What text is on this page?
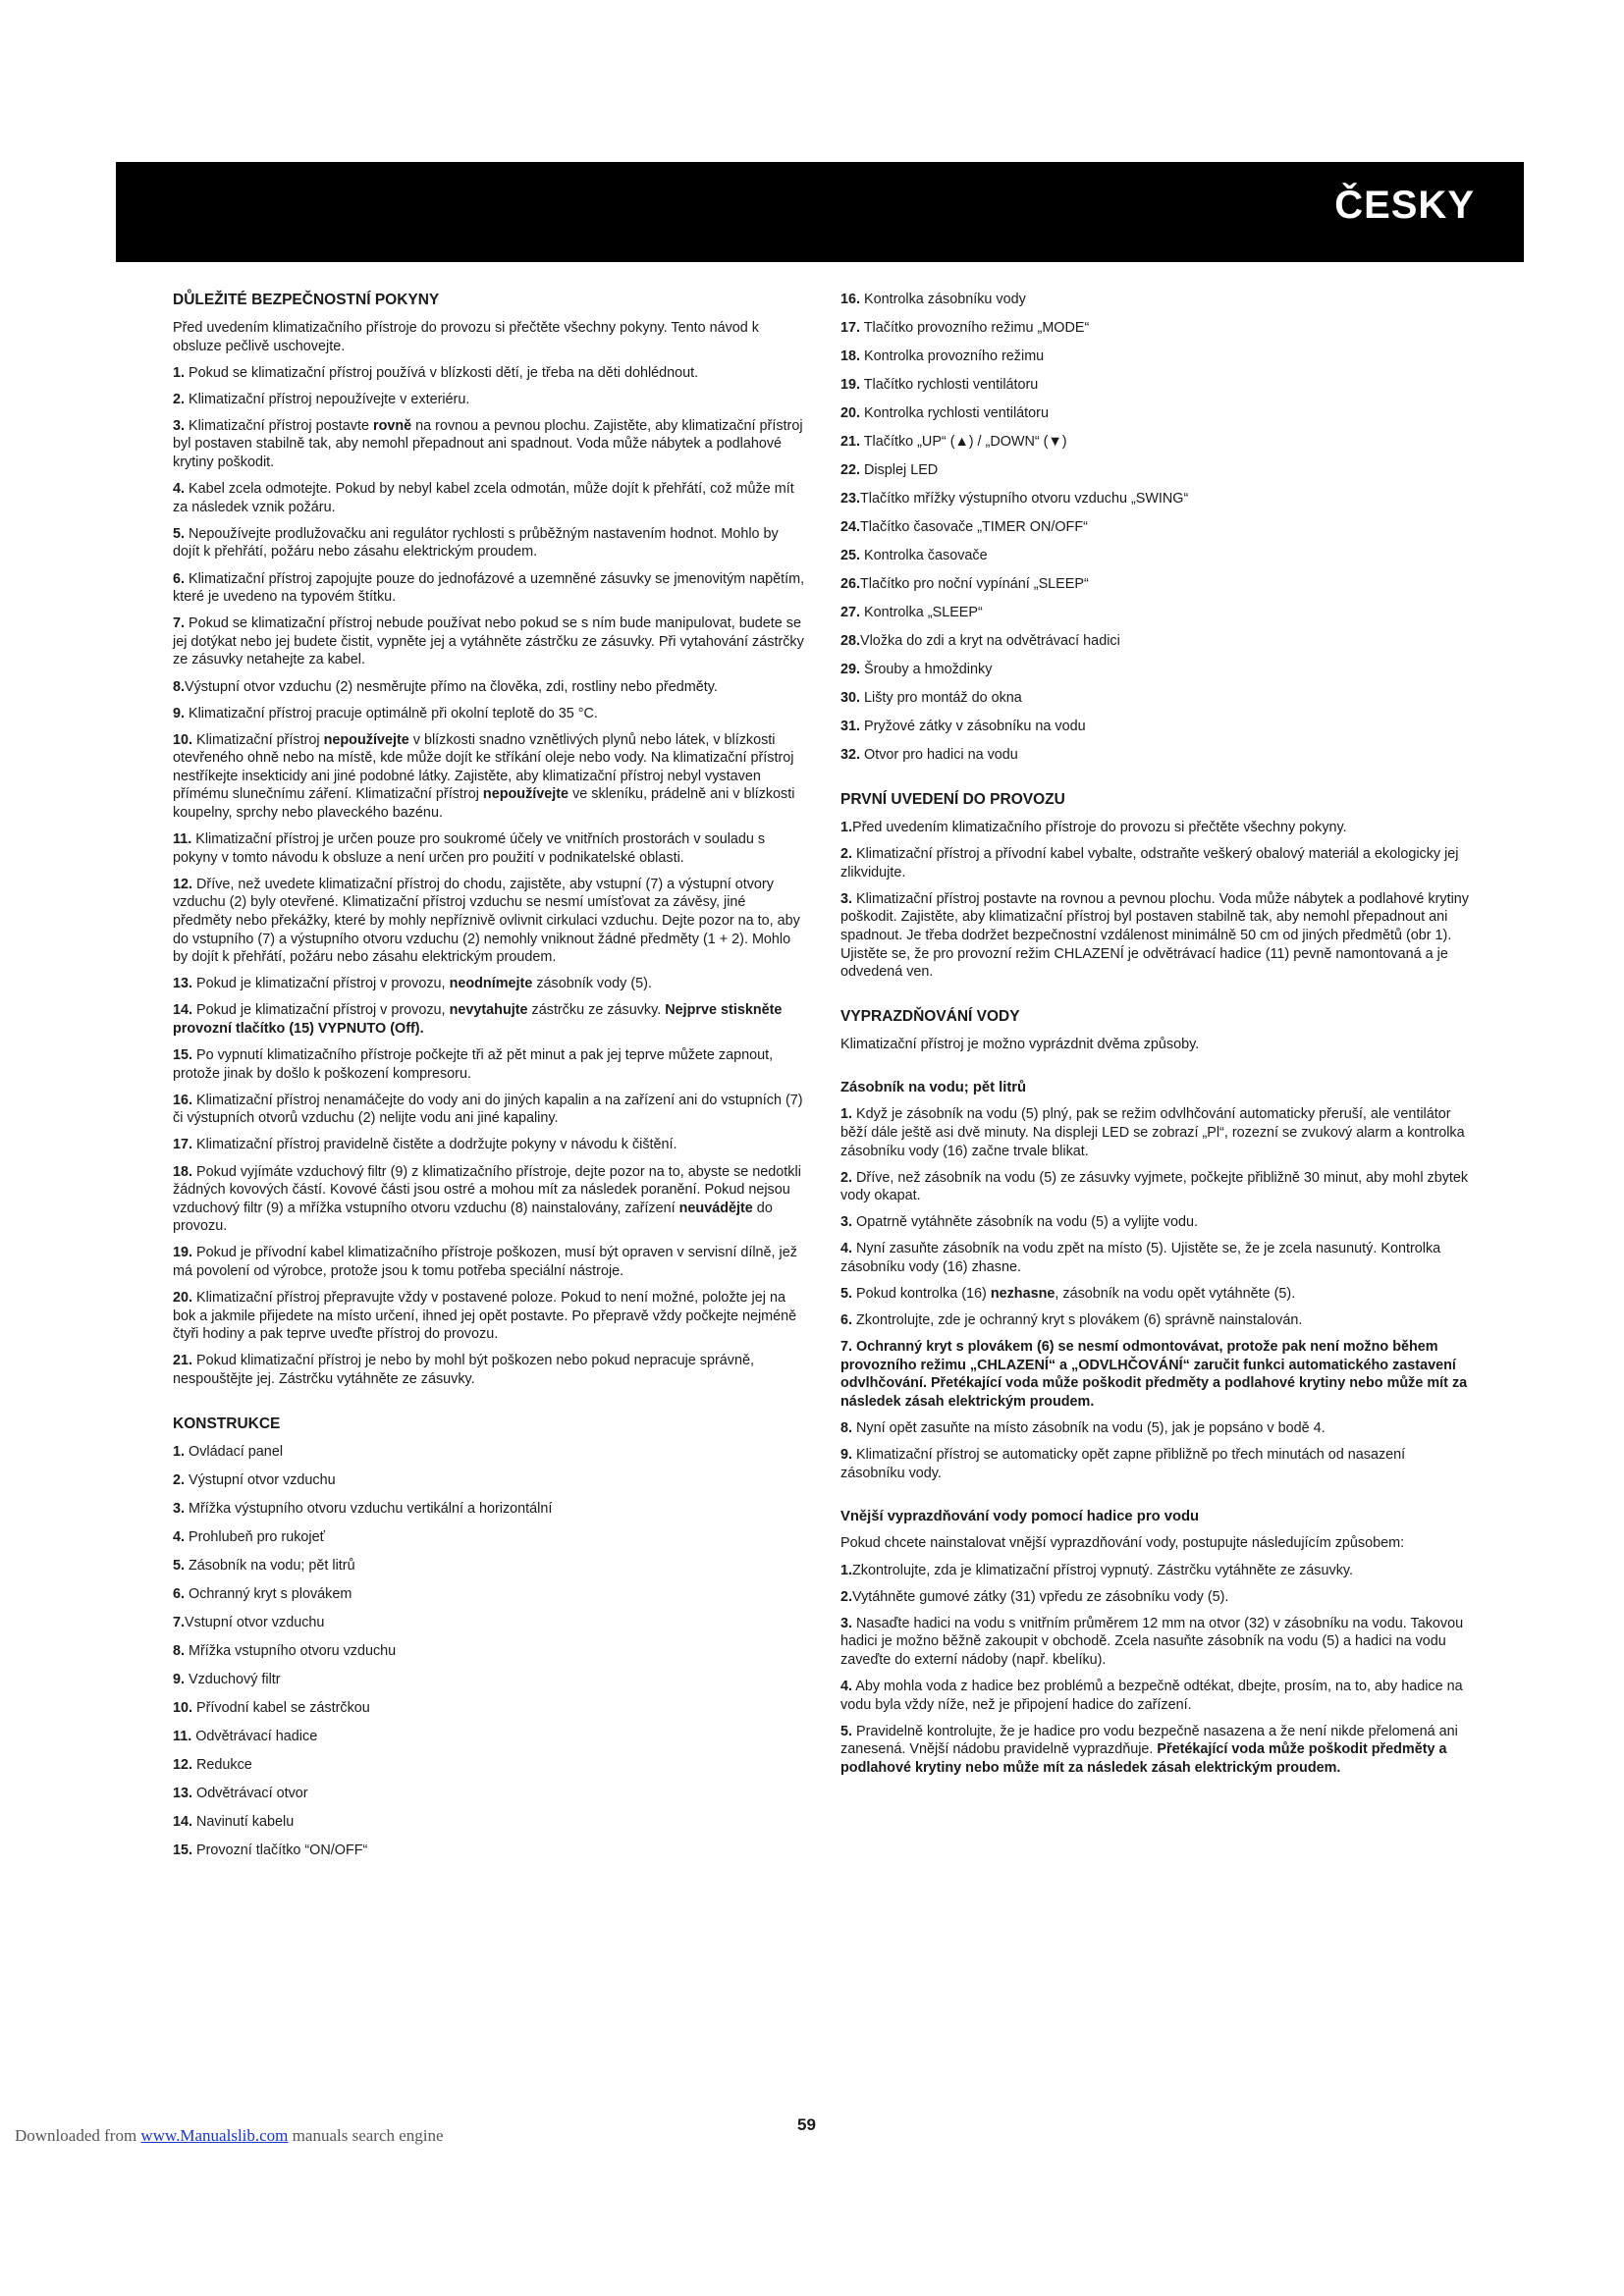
ČESKY
DŮLEŽITÉ BEZPEČNOSTNÍ POKYNY

Před uvedením klimatizačního přístroje do provozu si přečtěte všechny pokyny. Tento návod k obsluze pečlivě uschovejte.

1. Pokud se klimatizační přístroj používá v blízkosti dětí, je třeba na děti dohlédnout.

2. Klimatizační přístroj nepoužívejte v exteriéru.

3. Klimatizační přístroj postavte rovně na rovnou a pevnou plochu. Zajistěte, aby klimatizační přístroj byl postaven stabilně tak, aby nemohl přepadnout ani spadnout. Voda může nábytek a podlahové krytiny poškodit.

4. Kabel zcela odmotejte. Pokud by nebyl kabel zcela odmotán, může dojít k přehřátí, což může mít za následek vznik požáru.

5. Nepoužívejte prodlužovačku ani regulátor rychlosti s průběžným nastavením hodnot. Mohlo by dojít k přehřátí, požáru nebo zásahu elektrickým proudem.

6. Klimatizační přístroj zapojujte pouze do jednofázové a uzemněné zásuvky se jmenovitým napětím, které je uvedeno na typovém štítku.

7. Pokud se klimatizační přístroj nebude používat nebo pokud se s ním bude manipulovat, budete se jej dotýkat nebo jej budete čistit, vypněte jej a vytáhněte zástrčku ze zásuvky. Při vytahování zástrčky ze zásuvky netahejte za kabel.

8.Výstupní otvor vzduchu (2) nesměrujte přímo na člověka, zdi, rostliny nebo předměty.

9. Klimatizační přístroj pracuje optimálně při okolní teplotě do 35 °C.

10. Klimatizační přístroj nepoužívejte v blízkosti snadno vznětlivých plynů nebo látek, v blízkosti otevřeného ohně nebo na místě, kde může dojít ke stříkání oleje nebo vody. Na klimatizační přístroj nestříkejte insekticidy ani jiné podobné látky. Zajistěte, aby klimatizační přístroj nebyl vystaven přímému slunečnímu záření. Klimatizační přístroj nepoužívejte ve skleníku, prádelně ani v blízkosti koupelny, sprchy nebo plaveckého bazénu.

11. Klimatizační přístroj je určen pouze pro soukromé účely ve vnitřních prostorách v souladu s pokyny v tomto návodu k obsluze a není určen pro použití v podnikatelské oblasti.

12. Dříve, než uvedete klimatizační přístroj do chodu, zajistěte, aby vstupní (7) a výstupní otvory vzduchu (2) byly otevřené. Klimatizační přístroj vzduchu se nesmí umísťovat za závěsy, jiné předměty nebo překážky, které by mohly nepříznivě ovlivnit cirkulaci vzduchu. Dejte pozor na to, aby do vstupního (7) a výstupního otvoru vzduchu (2) nemohly vniknout žádné předměty (1 + 2). Mohlo by dojít k přehřátí, požáru nebo zásahu elektrickým proudem.

13. Pokud je klimatizační přístroj v provozu, neodnímejte zásobník vody (5).

14. Pokud je klimatizační přístroj v provozu, nevytahujte zástrčku ze zásuvky. Nejprve stiskněte provozní tlačítko (15) VYPNUTO (Off).

15. Po vypnutí klimatizačního přístroje počkejte tři až pět minut a pak jej teprve můžete zapnout, protože jinak by došlo k poškození kompresoru.

16. Klimatizační přístroj nenamáčejte do vody ani do jiných kapalin a na zařízení ani do vstupních (7) či výstupních otvorů vzduchu (2) nelijte vodu ani jiné kapaliny.

17. Klimatizační přístroj pravidelně čistěte a dodržujte pokyny v návodu k čištění.

18. Pokud vyjímáte vzduchový filtr (9) z klimatizačního přístroje, dejte pozor na to, abyste se nedotkli žádných kovových částí. Kovové části jsou ostré a mohou mít za následek poranění. Pokud nejsou vzduchový filtr (9) a mřížka vstupního otvoru vzduchu (8) nainstalovány, zařízení neuvádějte do provozu.

19. Pokud je přívodní kabel klimatizačního přístroje poškozen, musí být opraven v servisní dílně, jež má povolení od výrobce, protože jsou k tomu potřeba speciální nástroje.

20. Klimatizační přístroj přepravujte vždy v postavené poloze. Pokud to není možné, položte jej na bok a jakmile přijedete na místo určení, ihned jej opět postavte. Po přepravě vždy počkejte nejméně čtyři hodiny a pak teprve uveďte přístroj do provozu.

21. Pokud klimatizační přístroj je nebo by mohl být poškozen nebo pokud nepracuje správně, nespouštějte jej. Zástrčku vytáhněte ze zásuvky.

KONSTRUKCE
1. Ovládací panel
2. Výstupní otvor vzduchu
3. Mřížka výstupního otvoru vzduchu vertikální a horizontální
4. Prohlubeň pro rukojeť
5. Zásobník na vodu; pět litrů
6. Ochranný kryt s plovákem
7.Vstupní otvor vzduchu
8. Mřížka vstupního otvoru vzduchu
9. Vzduchový filtr
10. Přívodní kabel se zástrčkou
11. Odvětrávací hadice
12. Redukce
13. Odvětrávací otvor
14. Navinutí kabelu
15. Provozní tlačítko “ON/OFF“
16. Kontrolka zásobníku vody
17. Tlačítko provozního režimu „MODE“
18. Kontrolka provozního režimu
19. Tlačítko rychlosti ventilátoru
20. Kontrolka rychlosti ventilátoru
21. Tlačítko „UP“ (▲) / „DOWN“ (▼)
22. Displej LED
23.Tlačítko mřížky výstupního otvoru vzduchu „SWING“
24.Tlačítko časovače „TIMER ON/OFF“
25. Kontrolka časovače
26.Tlačítko pro noční vypínání „SLEEP“
27. Kontrolka „SLEEP“
28.Vložka do zdi a kryt na odvětrávací hadici
29. Šrouby a hmoždinky
30. Lišty pro montáž do okna
31. Pryžové zátky v zásobníku na vodu
32. Otvor pro hadici na vodu
PRVNÍ UVEDENÍ DO PROVOZU

1.Před uvedením klimatizačního přístroje do provozu si přečtěte všechny pokyny.

2. Klimatizační přístroj a přívodní kabel vybalte, odstraňte veškerý obalový materiál a ekologicky jej zlikvidujte.

3. Klimatizační přístroj postavte na rovnou a pevnou plochu. Voda může nábytek a podlahové krytiny poškodit. Zajistěte, aby klimatizační přístroj byl postaven stabilně tak, aby nemohl přepadnout ani spadnout. Je třeba dodržet bezpečnostní vzdálenost minimálně 50 cm od jiných předmětů (obr 1). Ujistěte se, že pro provozní režim CHLAZENÍ je odvětrávací hadice (11) pevně namontovaná a je odvedená ven.

VYPRAZDŇOVÁNÍ VODY

Klimatizační přístroj je možno vyprázdnit dvěma způsoby.

Zásobník na vodu; pět litrů

1. Když je zásobník na vodu (5) plný, pak se režim odvlhčování automaticky přeruší, ale ventilátor běží dále ještě asi dvě minuty. Na displeji LED se zobrazí „Pl“, rozezní se zvukový alarm a kontrolka zásobníku vody (16) začne trvale blikat.

2. Dříve, než zásobník na vodu (5) ze zásuvky vyjmete, počkejte přibližně 30 minut, aby mohl zbytek vody okapat.

3. Opatrně vytáhněte zásobník na vodu (5) a vylijte vodu.

4. Nyní zasuňte zásobník na vodu zpět na místo (5). Ujistěte se, že je zcela nasunutý. Kontrolka zásobníku vody (16) zhasne.

5. Pokud kontrolka (16) nezhasne, zásobník na vodu opět vytáhněte (5).

6. Zkontrolujte, zde je ochranný kryt s plovákem (6) správně nainstalován.

7. Ochranný kryt s plovákem (6) se nesmí odmontovávat, protože pak není možno během provozního režimu „CHLAZENÍ“ a „ODVLHČOVÁNÍ“ zaručit funkci automatického zastavení odvlhčování. Přetékající voda může poškodit předměty a podlahové krytiny nebo může mít za následek zásah elektrickým proudem.

8. Nyní opět zasuňte na místo zásobník na vodu (5), jak je popsáno v bodě 4.

9. Klimatizační přístroj se automaticky opět zapne přibližně po třech minutách od nasazení zásobníku vody.

Vnější vyprazdňování vody pomocí hadice pro vodu

Pokud chcete nainstalovat vnější vyprazdňování vody, postupujte následujícím způsobem:

1.Zkontrolujte, zda je klimatizační přístroj vypnutý. Zástrčku vytáhněte ze zásuvky.

2.Vytáhněte gumové zátky (31) vpředu ze zásobníku vody (5).

3. Nasaďte hadici na vodu s vnitřním průměrem 12 mm na otvor (32) v zásobníku na vodu. Takovou hadici je možno běžně zakoupit v obchodě. Zcela nasuňte zásobník na vodu (5) a hadici na vodu zaveďte do externí nádoby (např. kbelíku).

4. Aby mohla voda z hadice bez problémů a bezpečně odtékat, dbejte, prosím, na to, aby hadice na vodu byla vždy níže, než je připojení hadice do zařízení.

5. Pravidelně kontrolujte, že je hadice pro vodu bezpečně nasazena a že není nikde přelomená ani zanesená. Vnější nádobu pravidelně vyprazdňuje. Přetékající voda může poškodit předměty a podlahové krytiny nebo může mít za následek zásah elektrickým proudem.

59
Downloaded from www.Manualslib.com manuals search engine
